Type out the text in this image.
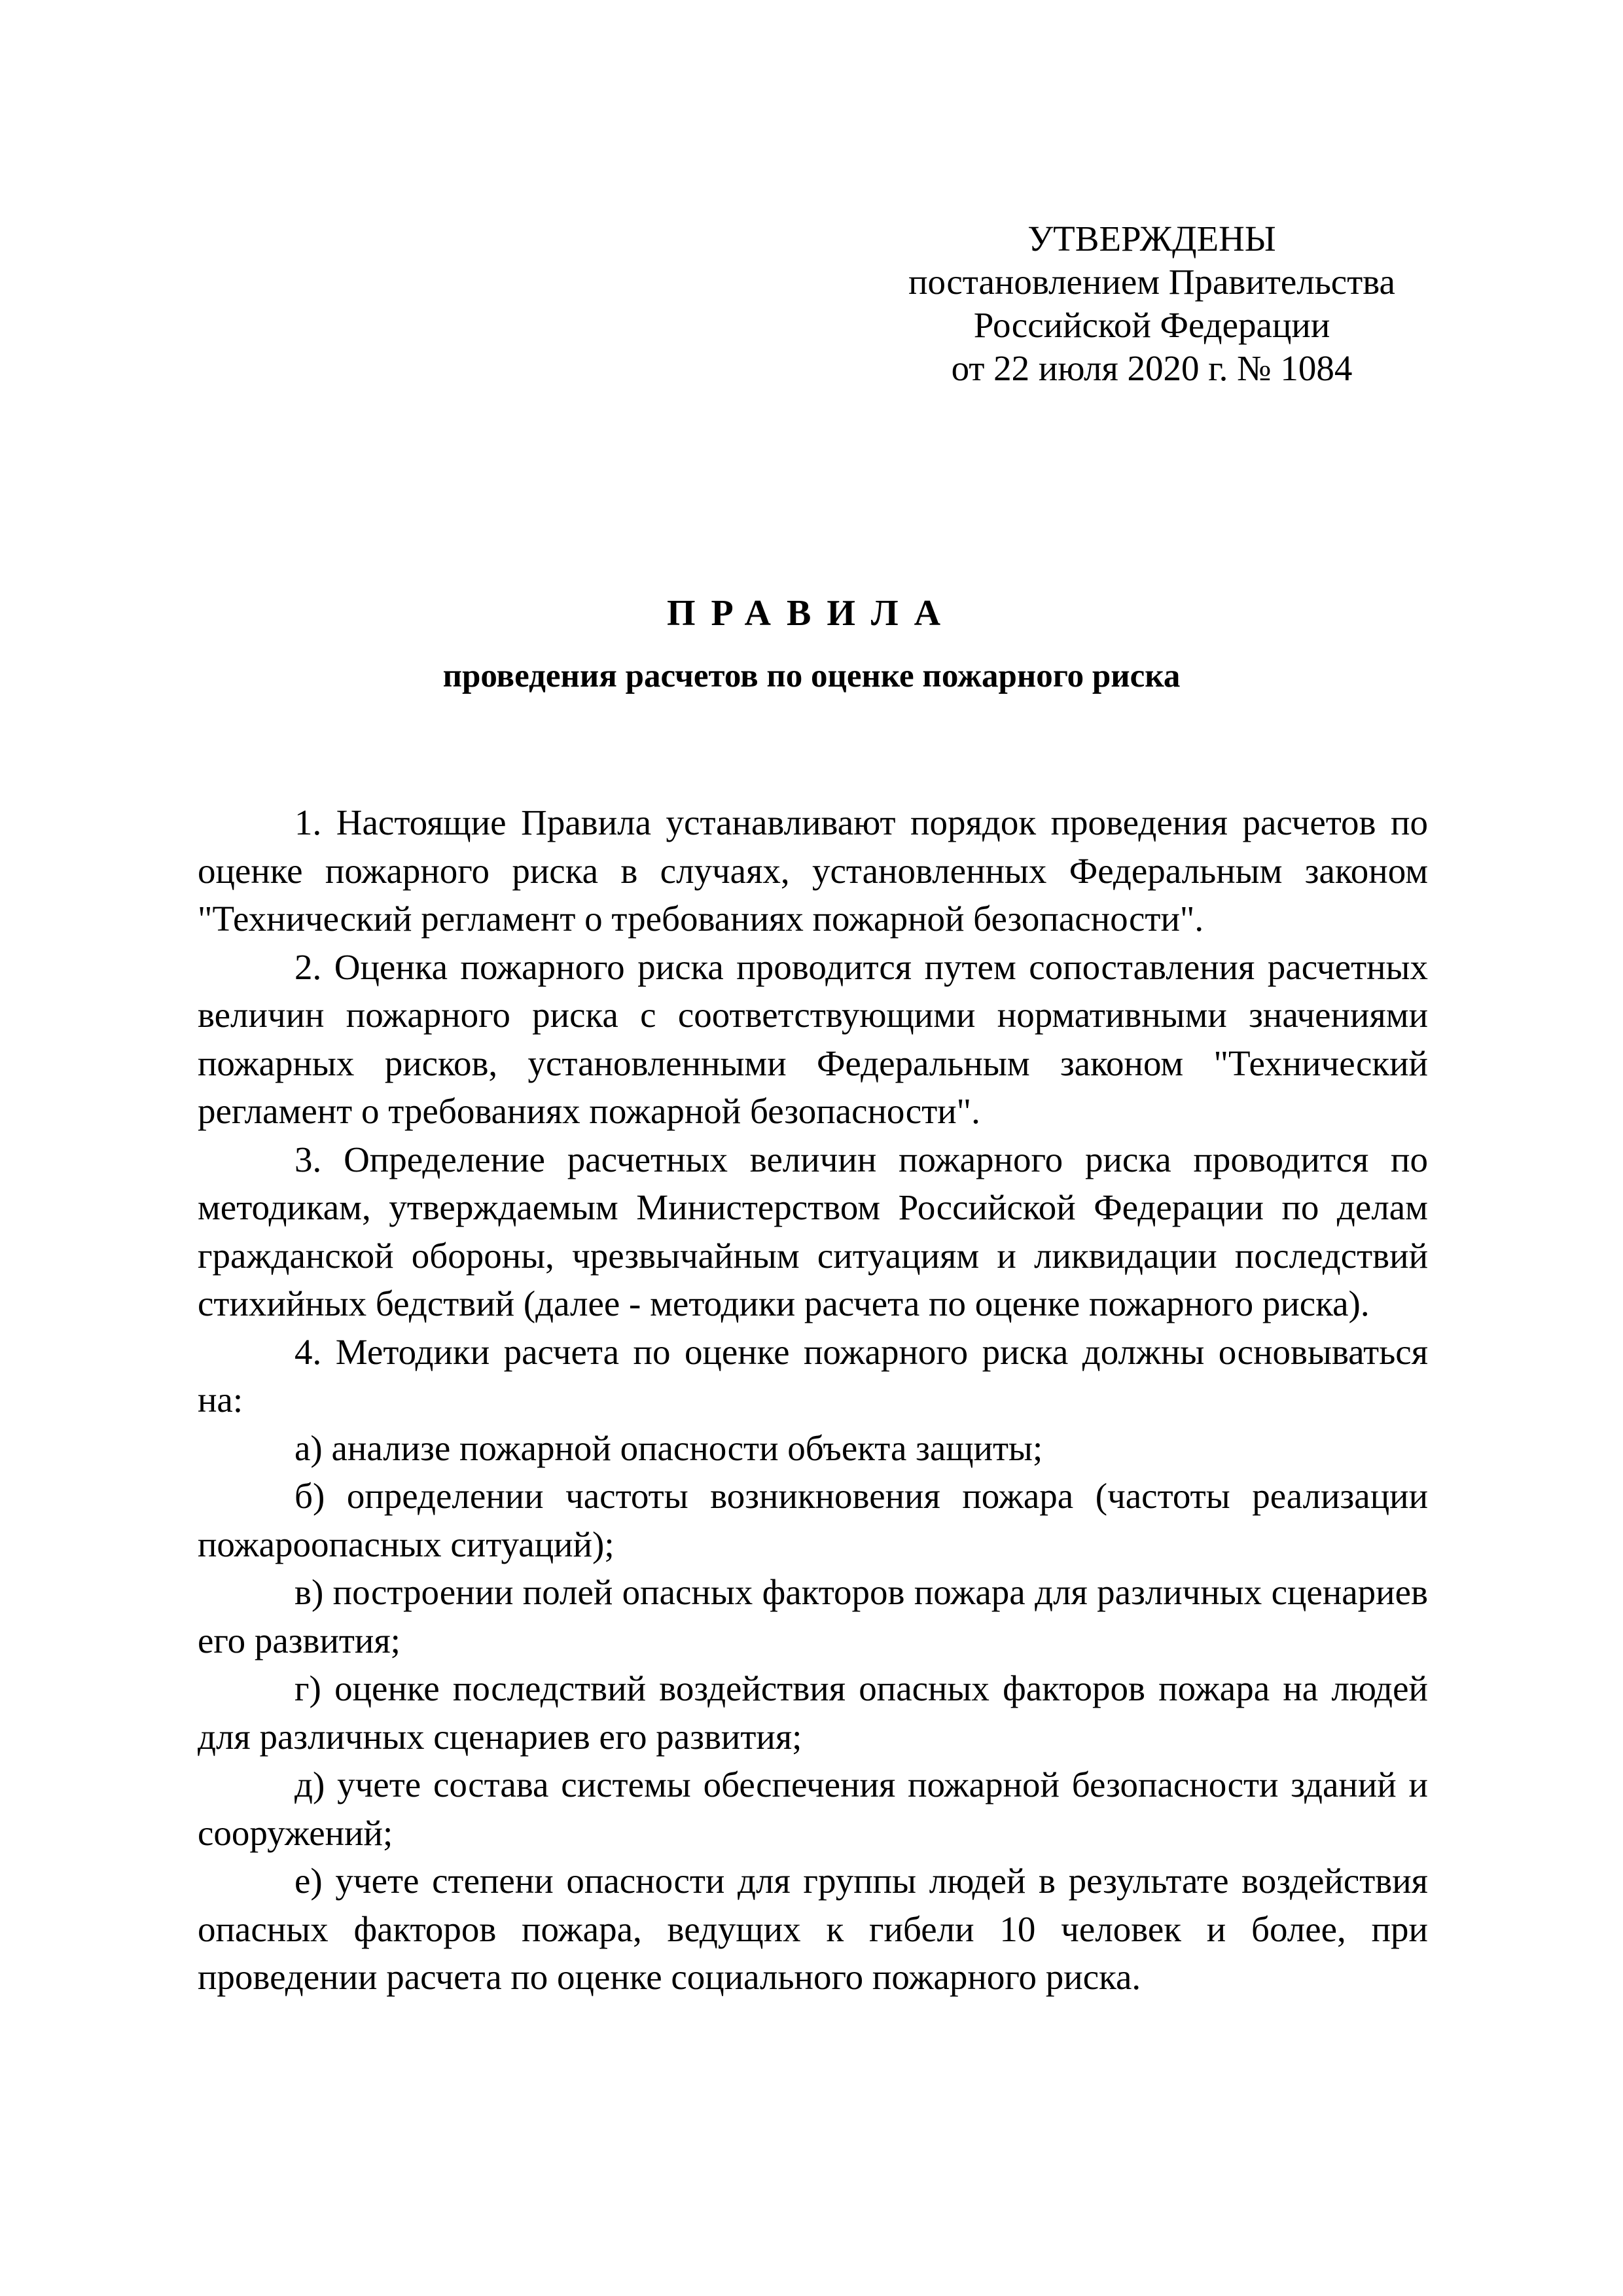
УТВЕРЖДЕНЫ
постановлением Правительства
Российской Федерации
от 22 июля 2020 г. № 1084
ПРАВИЛА
проведения расчетов по оценке пожарного риска

1. Настоящие Правила устанавливают порядок проведения расчетов по оценке пожарного риска в случаях, установленных Федеральным законом "Технический регламент о требованиях пожарной безопасности".

2. Оценка пожарного риска проводится путем сопоставления расчетных величин пожарного риска с соответствующими нормативными значениями пожарных рисков, установленными Федеральным законом "Технический регламент о требованиях пожарной безопасности".

3. Определение расчетных величин пожарного риска проводится по методикам, утверждаемым Министерством Российской Федерации по делам гражданской обороны, чрезвычайным ситуациям и ликвидации последствий стихийных бедствий (далее - методики расчета по оценке пожарного риска).

4. Методики расчета по оценке пожарного риска должны основываться на:

а) анализе пожарной опасности объекта защиты;

б) определении частоты возникновения пожара (частоты реализации пожароопасных ситуаций);

в) построении полей опасных факторов пожара для различных сценариев его развития;

г) оценке последствий воздействия опасных факторов пожара на людей для различных сценариев его развития;

д) учете состава системы обеспечения пожарной безопасности зданий и сооружений;

е) учете степени опасности для группы людей в результате воздействия опасных факторов пожара, ведущих к гибели 10 человек и более, при проведении расчета по оценке социального пожарного риска.
